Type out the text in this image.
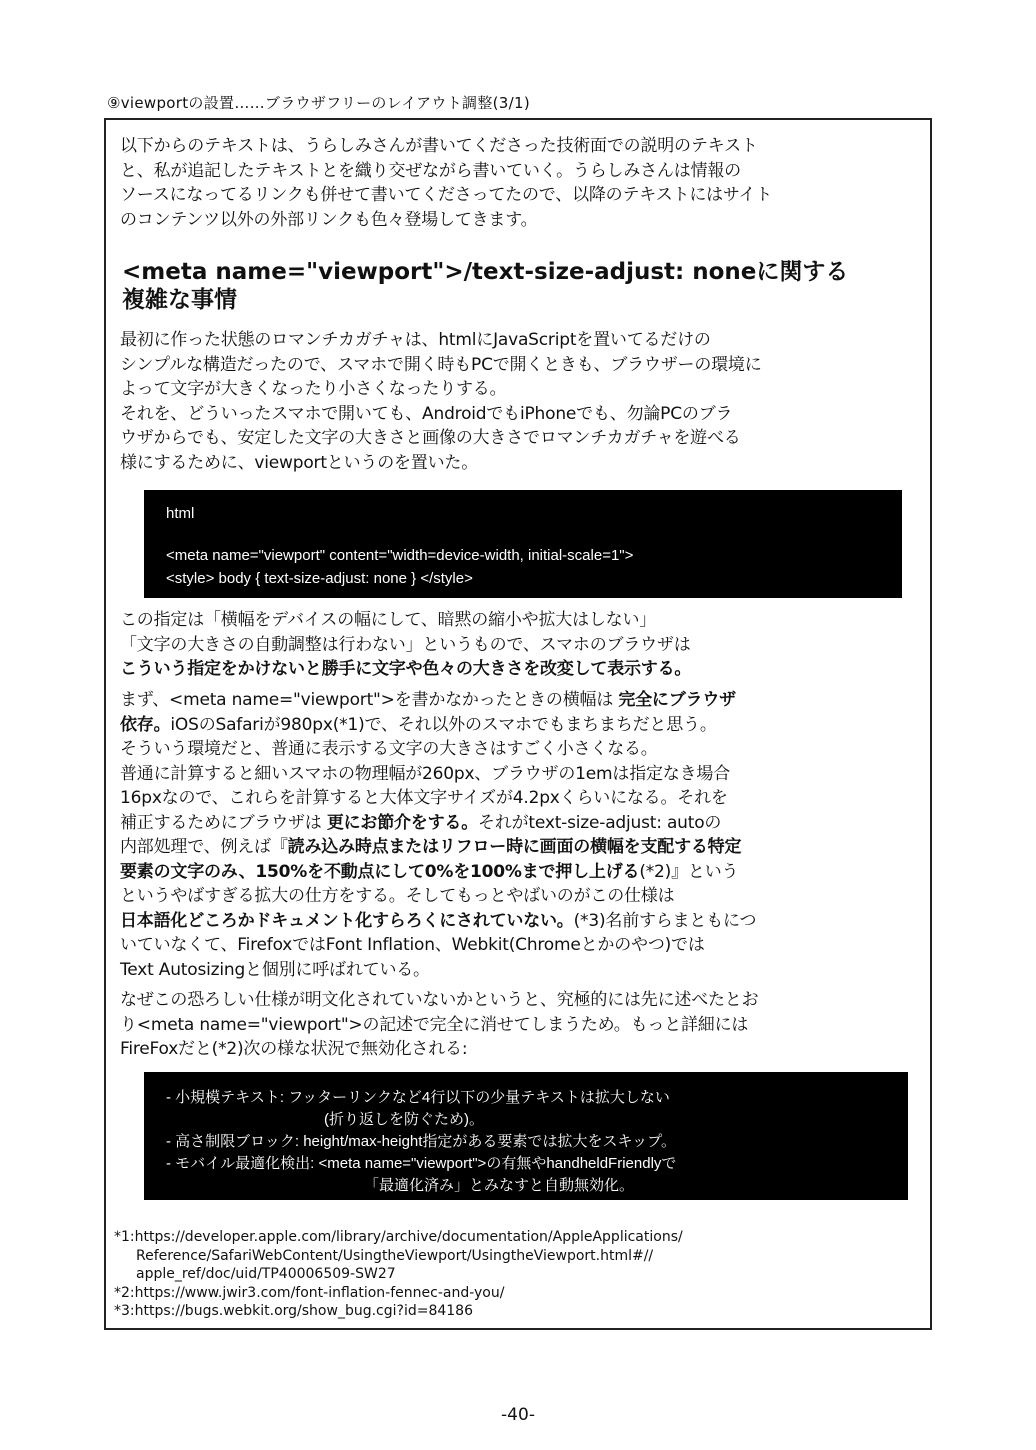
⑨viewportの設置……ブラウザフリーのレイアウト調整(3/1)
以下からのテキストは、うらしみさんが書いてくださった技術面での説明のテキスト
と、私が追記したテキストとを織り交ぜながら書いていく。うらしみさんは情報の
ソースになってるリンクも併せて書いてくださってたので、以降のテキストにはサイト
のコンテンツ以外の外部リンクも色々登場してきます。
<meta name="viewport">/text-size-adjust: noneに関する
複雑な事情
最初に作った状態のロマンチカガチャは、htmlにJavaScriptを置いてるだけの
シンプルな構造だったので、スマホで開く時もPCで開くときも、ブラウザーの環境に
よって文字が大きくなったり小さくなったりする。
それを、どういったスマホで開いても、AndroidでもiPhoneでも、勿論PCのブラ
ウザからでも、安定した文字の大きさと画像の大きさでロマンチカガチャを遊べる
様にするために、viewportというのを置いた。
html
<meta name="viewport" content="width=device-width, initial-scale=1">
<style> body { text-size-adjust: none } </style>
この指定は「横幅をデバイスの幅にして、暗黙の縮小や拡大はしない」
「文字の大きさの自動調整は行わない」というもので、スマホのブラウザは
こういう指定をかけないと勝手に文字や色々の大きさを改変して表示する。
まず、<meta name="viewport">を書かなかったときの横幅は 完全にブラウザ
依存。iOSのSafariが980px(*1)で、それ以外のスマホでもまちまちだと思う。
そういう環境だと、普通に表示する文字の大きさはすごく小さくなる。
普通に計算すると細いスマホの物理幅が260px、ブラウザの1emは指定なき場合
16pxなので、これらを計算すると大体文字サイズが4.2pxくらいになる。それを
補正するためにブラウザは 更にお節介をする。それがtext-size-adjust: autoの
内部処理で、例えば『読み込み時点またはリフロー時に画面の横幅を支配する特定
要素の文字のみ、150%を不動点にして0%を100%まで押し上げる(*2)』という
というやばすぎる拡大の仕方をする。そしてもっとやばいのがこの仕様は
日本語化どころかドキュメント化すらろくにされていない。(*3)名前すらまともにつ
いていなくて、FirefoxではFont Inflation、Webkit(Chromeとかのやつ)では
Text Autosizingと個別に呼ばれている。
なぜこの恐ろしい仕様が明文化されていないかというと、究極的には先に述べたとお
り<meta name="viewport">の記述で完全に消せてしまうため。もっと詳細には
FireFoxだと(*2)次の様な状況で無効化される:
- 小規模テキスト: フッターリンクなど4行以下の少量テキストは拡大しない
(折り返しを防ぐため)。
- 高さ制限ブロック: height/max-height指定がある要素では拡大をスキップ。
- モバイル最適化検出: <meta name="viewport">の有無やhandheldFriendlyで
「最適化済み」とみなすと自動無効化。
*1:https://developer.apple.com/library/archive/documentation/AppleApplications/
Reference/SafariWebContent/UsingtheViewport/UsingtheViewport.html#//
apple_ref/doc/uid/TP40006509-SW27
*2:https://www.jwir3.com/font-inflation-fennec-and-you/
*3:https://bugs.webkit.org/show_bug.cgi?id=84186
-40-
